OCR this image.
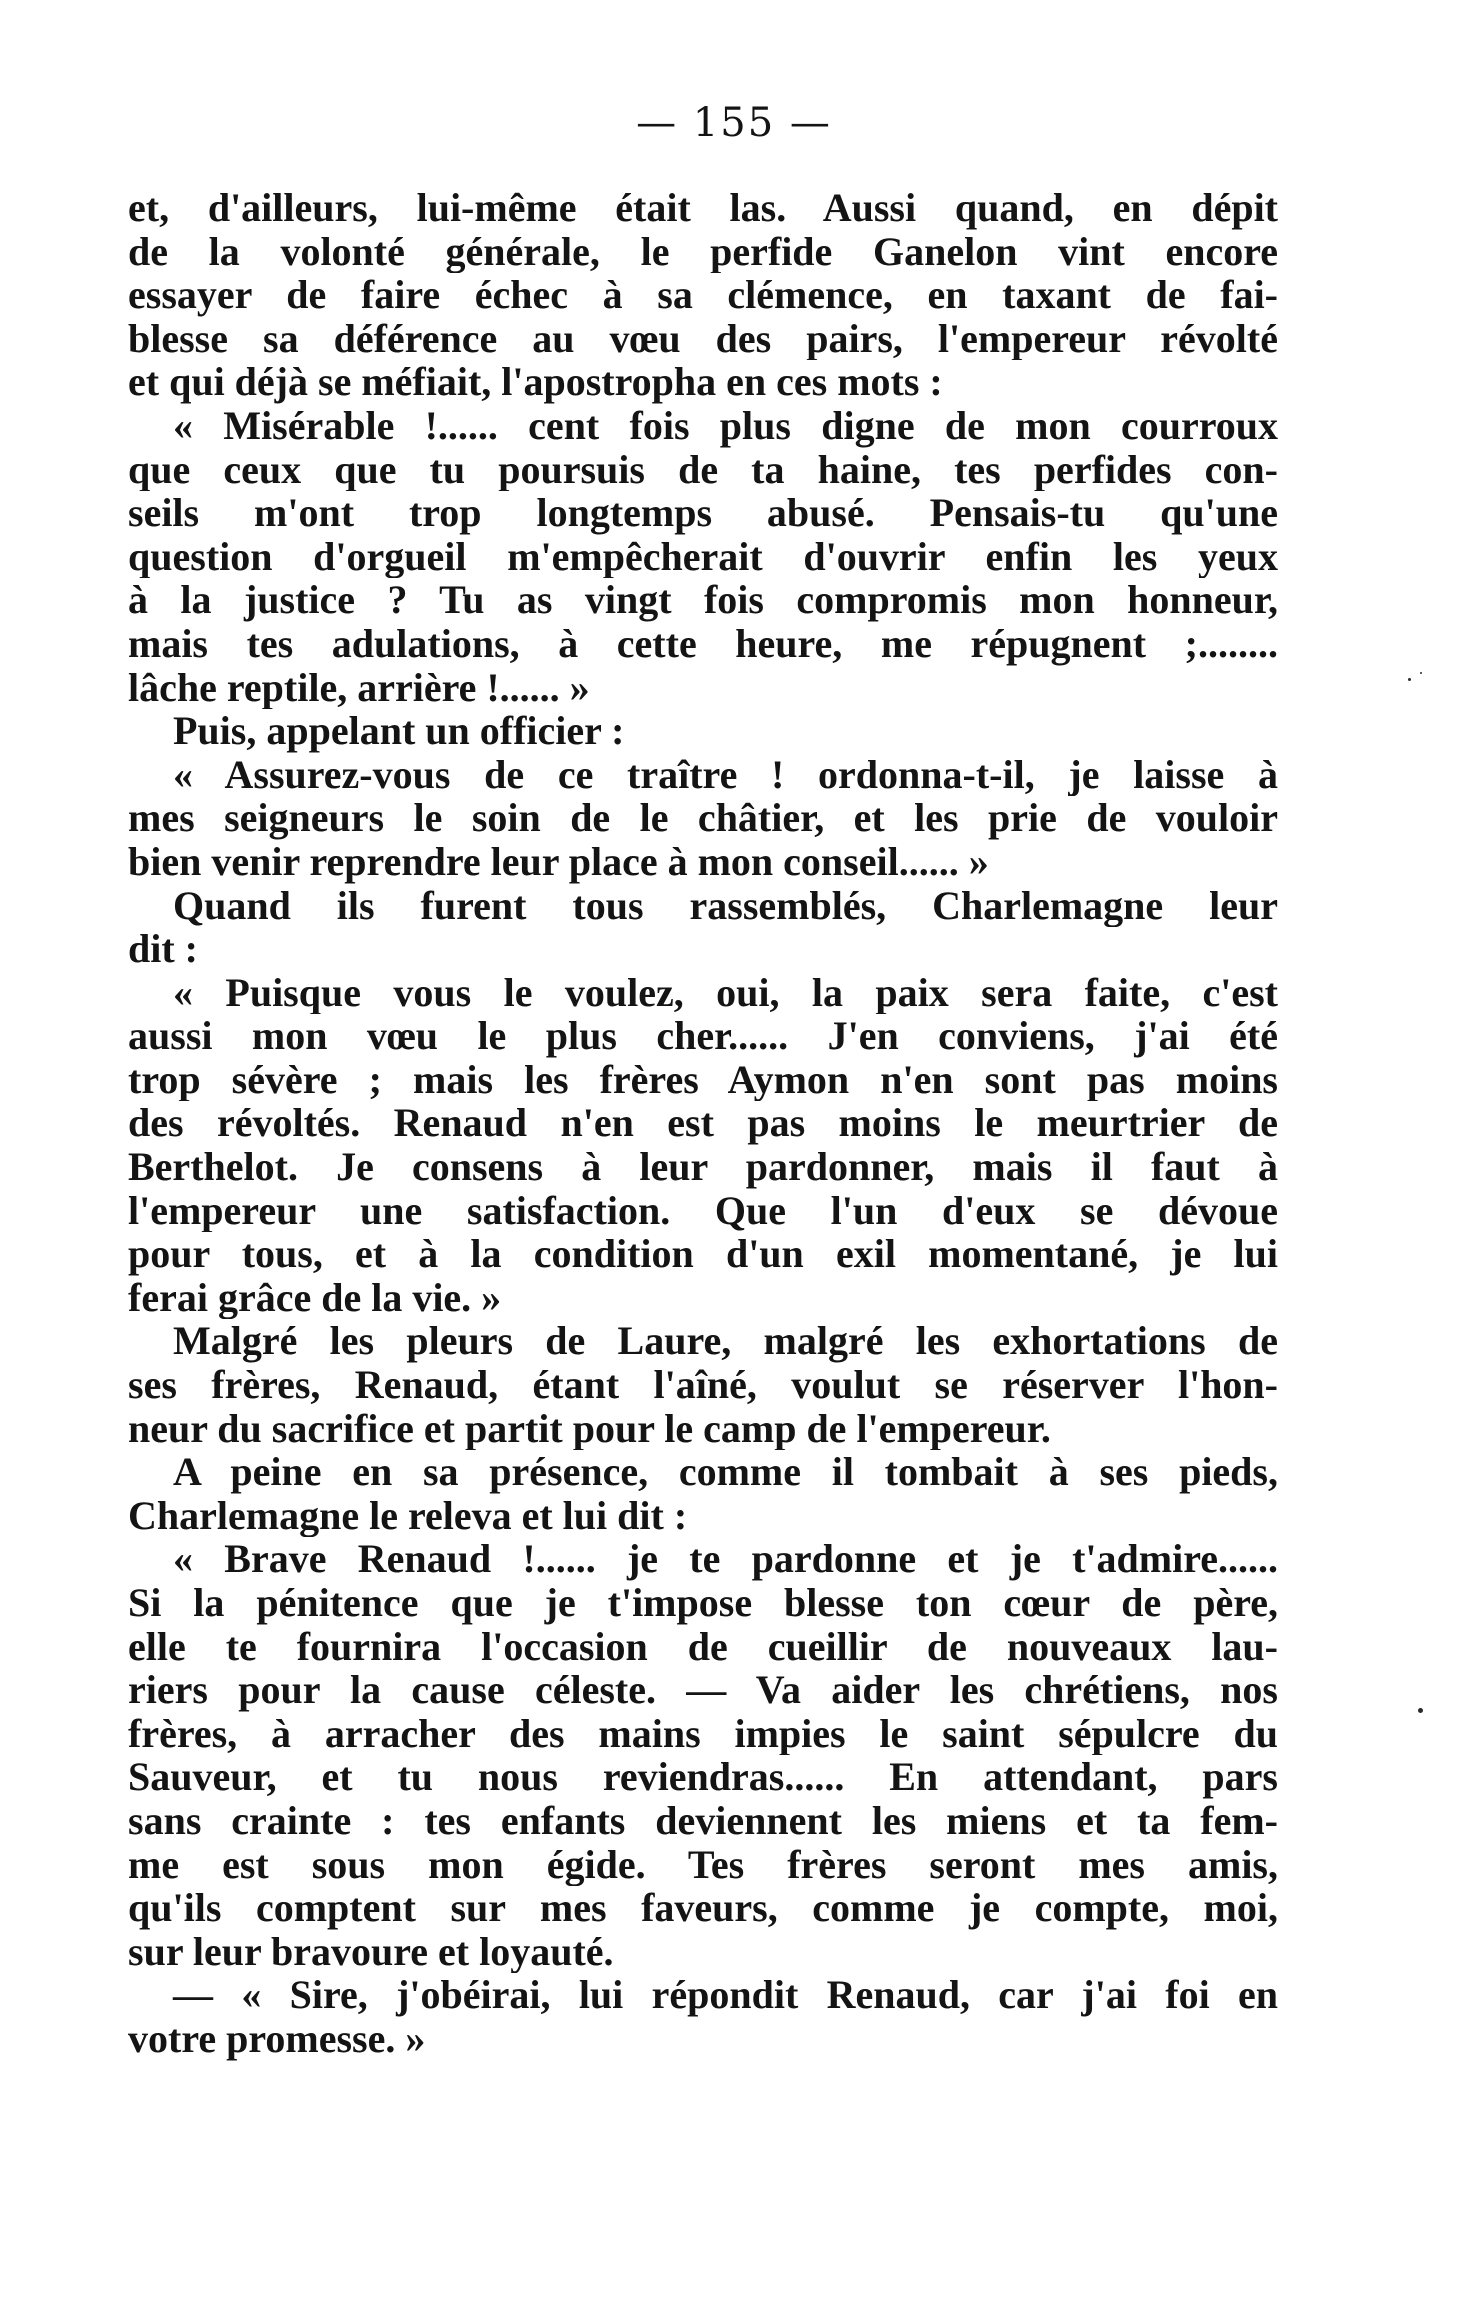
— 155 —
et, d'ailleurs, lui-même était las. Aussi quand, en dépit
de la volonté générale, le perfide Ganelon vint encore
essayer de faire échec à sa clémence, en taxant de fai-
blesse sa déférence au vœu des pairs, l'empereur révolté
et qui déjà se méfiait, l'apostropha en ces mots :
« Misérable !...... cent fois plus digne de mon courroux
que ceux que tu poursuis de ta haine, tes perfides con-
seils m'ont trop longtemps abusé. Pensais-tu qu'une
question d'orgueil m'empêcherait d'ouvrir enfin les yeux
à la justice ? Tu as vingt fois compromis mon honneur,
mais tes adulations, à cette heure, me répugnent ;........
lâche reptile, arrière !...... »
Puis, appelant un officier :
« Assurez-vous de ce traître ! ordonna-t-il, je laisse à
mes seigneurs le soin de le châtier, et les prie de vouloir
bien venir reprendre leur place à mon conseil...... »
Quand ils furent tous rassemblés, Charlemagne leur
dit :
« Puisque vous le voulez, oui, la paix sera faite, c'est
aussi mon vœu le plus cher...... J'en conviens, j'ai été
trop sévère ; mais les frères Aymon n'en sont pas moins
des révoltés. Renaud n'en est pas moins le meurtrier de
Berthelot. Je consens à leur pardonner, mais il faut à
l'empereur une satisfaction. Que l'un d'eux se dévoue
pour tous, et à la condition d'un exil momentané, je lui
ferai grâce de la vie. »
Malgré les pleurs de Laure, malgré les exhortations de
ses frères, Renaud, étant l'aîné, voulut se réserver l'hon-
neur du sacrifice et partit pour le camp de l'empereur.
A peine en sa présence, comme il tombait à ses pieds,
Charlemagne le releva et lui dit :
« Brave Renaud !...... je te pardonne et je t'admire......
Si la pénitence que je t'impose blesse ton cœur de père,
elle te fournira l'occasion de cueillir de nouveaux lau-
riers pour la cause céleste. — Va aider les chrétiens, nos
frères, à arracher des mains impies le saint sépulcre du
Sauveur, et tu nous reviendras...... En attendant, pars
sans crainte : tes enfants deviennent les miens et ta fem-
me est sous mon égide. Tes frères seront mes amis,
qu'ils comptent sur mes faveurs, comme je compte, moi,
sur leur bravoure et loyauté.
— « Sire, j'obéirai, lui répondit Renaud, car j'ai foi en
votre promesse. »
